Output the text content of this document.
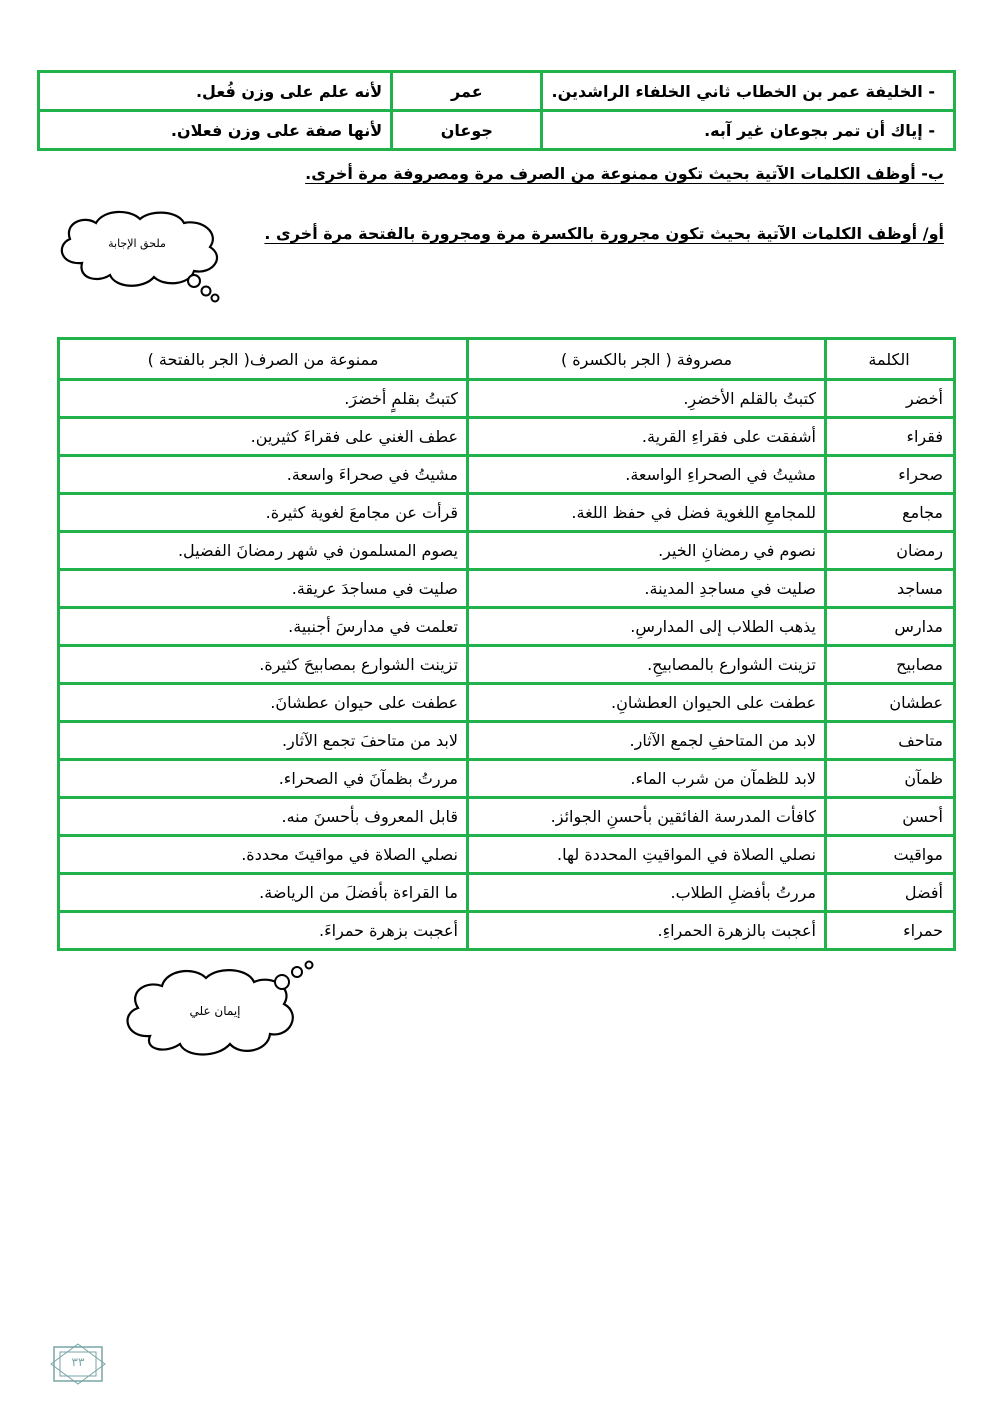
- الخليفة عمر بن الخطاب ثاني الخلفاء الراشدين.	عمر	لأنه علم على وزن فُعل.
- إياك أن تمر بجوعان غير آبه.	جوعان	لأنها صفة على وزن فعلان.
ب- أوظف الكلمات الآتية بحيث تكون ممنوعة من الصرف مرة ومصروفة مرة أخرى.
أو/ أوظف الكلمات الآتية بحيث تكون مجرورة بالكسرة مرة ومجرورة بالفتحة مرة أخرى .
ملحق الإجابة
الكلمة	مصروفة ( الجر بالكسرة )	ممنوعة من الصرف( الجر بالفتحة )
أخضر	كتبتُ بالقلم الأخضرِ.	كتبتُ بقلمٍ أخضرَ.
فقراء	أشفقت على فقراءِ القرية.	عطف الغني على فقراءَ كثيرين.
صحراء	مشيتُ في الصحراءِ الواسعة.	مشيتُ في صحراءَ واسعة.
مجامع	للمجامعِ اللغوية فضل في حفظ اللغة.	قرأت عن مجامعَ لغوية كثيرة.
رمضان	نصوم في رمضانِ الخير.	يصوم المسلمون في شهر رمضانَ الفضيل.
مساجد	صليت في مساجدِ المدينة.	صليت في مساجدَ عريقة.
مدارس	يذهب الطلاب إلى المدارسِ.	تعلمت في مدارسَ أجنبية.
مصابيح	تزينت الشوارع بالمصابيحِ.	تزينت الشوارع بمصابيحَ كثيرة.
عطشان	عطفت على الحيوان العطشانِ.	عطفت على حيوان عطشانَ.
متاحف	لابد من المتاحفِ لجمع الآثار.	لابد من متاحفَ تجمع الآثار.
ظمآن	لابد للظمآن من شرب الماء.	مررتُ بظمآنَ في الصحراء.
أحسن	كافأت المدرسة الفائقين بأحسنِ الجوائز.	قابل المعروف بأحسنَ منه.
مواقيت	نصلي الصلاة في المواقيتِ المحددة لها.	نصلي الصلاة في مواقيتَ محددة.
أفضل	مررتُ بأفضلِ الطلاب.	ما القراءة بأفضلَ من الرياضة.
حمراء	أعجبت بالزهرة الحمراءِ.	أعجبت بزهرة حمراءَ.
إيمان علي
٣٣
